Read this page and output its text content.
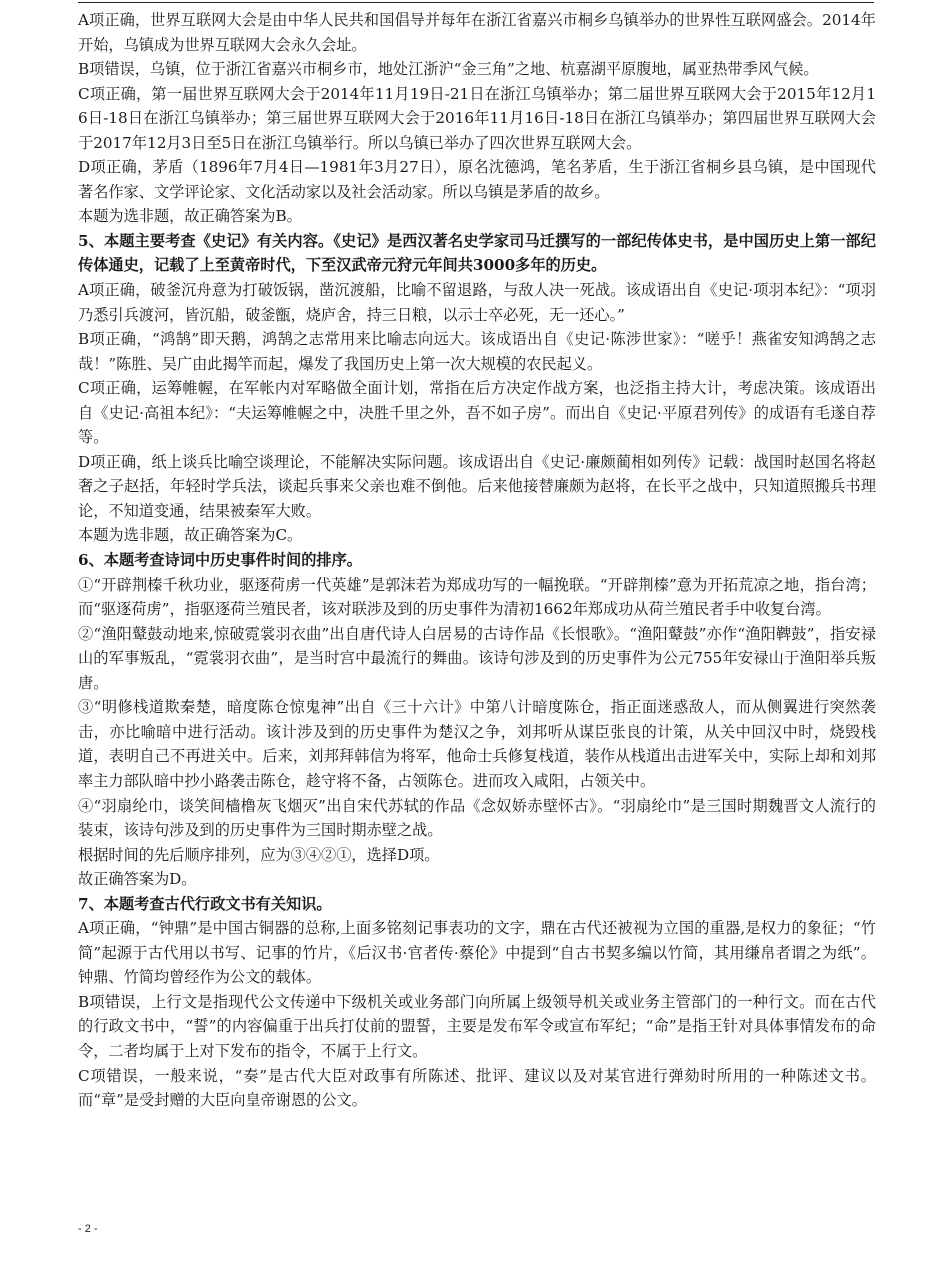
A项正确，世界互联网大会是由中华人民共和国倡导并每年在浙江省嘉兴市桐乡乌镇举办的世界性互联网盛会。2014年开始，乌镇成为世界互联网大会永久会址。

B项错误，乌镇，位于浙江省嘉兴市桐乡市，地处江浙沪“金三角”之地、杭嘉湖平原腹地，属亚热带季风气候。

C项正确，第一届世界互联网大会于2014年11月19日-21日在浙江乌镇举办；第二届世界互联网大会于2015年12月16日-18日在浙江乌镇举办；第三届世界互联网大会于2016年11月16日-18日在浙江乌镇举办；第四届世界互联网大会于2017年12月3日至5日在浙江乌镇举行。所以乌镇已举办了四次世界互联网大会。

D项正确，茅盾（1896年7月4日—1981年3月27日），原名沈德鸿，笔名茅盾，生于浙江省桐乡县乌镇，是中国现代著名作家、文学评论家、文化活动家以及社会活动家。所以乌镇是茅盾的故乡。

本题为选非题，故正确答案为B。

5、本题主要考查《史记》有关内容。《史记》是西汉著名史学家司马迁撰写的一部纪传体史书，是中国历史上第一部纪传体通史，记载了上至黄帝时代，下至汉武帝元狩元年间共3000多年的历史。

A项正确，破釜沉舟意为打破饭锅，凿沉渡船，比喻不留退路，与敌人决一死战。该成语出自《史记·项羽本纪》：“项羽乃悉引兵渡河，皆沉船，破釜甑，烧庐舍，持三日粮，以示士卒必死，无一还心。”

B项正确，“鸿鹄”即天鹅，鸿鹄之志常用来比喻志向远大。该成语出自《史记·陈涉世家》：“嗟乎！燕雀安知鸿鹄之志哉！”陈胜、吴广由此揭竿而起，爆发了我国历史上第一次大规模的农民起义。

C项正确，运筹帷幄，在军帐内对军略做全面计划，常指在后方决定作战方案，也泛指主持大计，考虑决策。该成语出自《史记·高祖本纪》：“夫运筹帷幄之中，决胜千里之外，吾不如子房”。而出自《史记·平原君列传》的成语有毛遂自荐等。

D项正确，纸上谈兵比喻空谈理论，不能解决实际问题。该成语出自《史记·廉颇蔺相如列传》记载：战国时赵国名将赵奢之子赵括，年轻时学兵法，谈起兵事来父亲也难不倒他。后来他接替廉颇为赵将，在长平之战中，只知道照搬兵书理论，不知道变通，结果被秦军大败。

本题为选非题，故正确答案为C。

6、本题考查诗词中历史事件时间的排序。

①“开辟荆榛千秋功业，驱逐荷虏一代英雄”是郭沫若为郑成功写的一幅挽联。“开辟荆榛”意为开拓荒凉之地，指台湾；而“驱逐荷虏”，指驱逐荷兰殖民者，该对联涉及到的历史事件为清初1662年郑成功从荷兰殖民者手中收复台湾。

②“渔阳鼙鼓动地来,惊破霓裳羽衣曲”出自唐代诗人白居易的古诗作品《长恨歌》。“渔阳鼙鼓”亦作“渔阳鞞鼓”，指安禄山的军事叛乱，“霓裳羽衣曲”，是当时宫中最流行的舞曲。该诗句涉及到的历史事件为公元755年安禄山于渔阳举兵叛唐。

③“明修栈道欺秦楚，暗度陈仓惊鬼神”出自《三十六计》中第八计暗度陈仓，指正面迷惑敌人，而从侧翼进行突然袭击，亦比喻暗中进行活动。该计涉及到的历史事件为楚汉之争，刘邦听从谋臣张良的计策，从关中回汉中时，烧毁栈道，表明自己不再进关中。后来，刘邦拜韩信为将军，他命士兵修复栈道，装作从栈道出击进军关中，实际上却和刘邦率主力部队暗中抄小路袭击陈仓，趁守将不备，占领陈仓。进而攻入咸阳，占领关中。

④“羽扇纶巾，谈笑间樯橹灰飞烟灭”出自宋代苏轼的作品《念奴娇赤壁怀古》。“羽扇纶巾”是三国时期魏晋文人流行的装束，该诗句涉及到的历史事件为三国时期赤壁之战。

根据时间的先后顺序排列，应为③④②①，选择D项。

故正确答案为D。

7、本题考查古代行政文书有关知识。

A项正确，“钟鼎”是中国古铜器的总称,上面多铭刻记事表功的文字，鼎在古代还被视为立国的重器,是权力的象征；“竹简”起源于古代用以书写、记事的竹片，《后汉书·官者传·蔡伦》中提到“自古书契多编以竹简，其用缣帛者谓之为纸”。钟鼎、竹简均曾经作为公文的载体。

B项错误，上行文是指现代公文传递中下级机关或业务部门向所属上级领导机关或业务主管部门的一种行文。而在古代的行政文书中，“誓”的内容偏重于出兵打仗前的盟誓，主要是发布军令或宣布军纪；“命”是指王针对具体事情发布的命令，二者均属于上对下发布的指令，不属于上行文。

C项错误，一般来说，“奏”是古代大臣对政事有所陈述、批评、建议以及对某官进行弹劾时所用的一种陈述文书。而“章”是受封赠的大臣向皇帝谢恩的公文。

- 2 -
